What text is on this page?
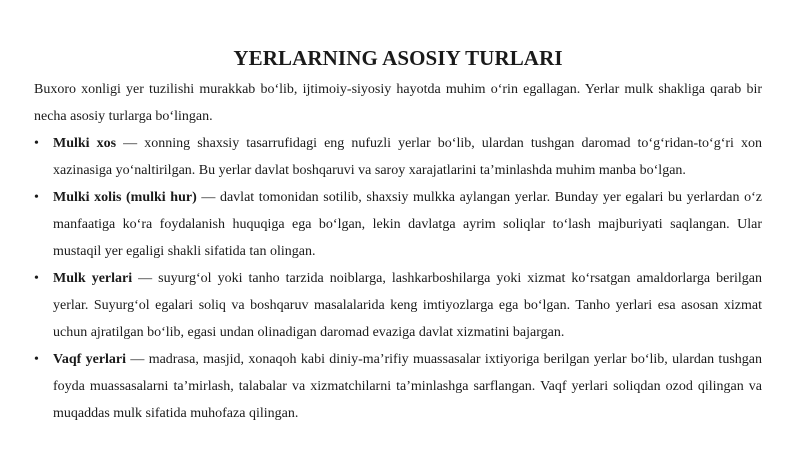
YERLARNING ASOSIY TURLARI

Buxoro xonligi yer tuzilishi murakkab bo‘lib, ijtimoiy-siyosiy hayotda muhim o‘rin egallagan. Yerlar mulk shakliga qarab bir necha asosiy turlarga bo‘lingan.

• Mulki xos — xonning shaxsiy tasarrufidagi eng nufuzli yerlar bo‘lib, ulardan tushgan daromad to‘g‘ridan-to‘g‘ri xon xazinasiga yo‘naltirilgan. Bu yerlar davlat boshqaruvi va saroy xarajatlarini ta’minlashda muhim manba bo‘lgan.
• Mulki xolis (mulki hur) — davlat tomonidan sotilib, shaxsiy mulkka aylangan yerlar. Bunday yer egalari bu yerlardan o‘z manfaatiga ko‘ra foydalanish huquqiga ega bo‘lgan, lekin davlatga ayrim soliqlar to‘lash majburiyati saqlangan. Ular mustaqil yer egaligi shakli sifatida tan olingan.
• Mulk yerlari — suyurg‘ol yoki tanho tarzida noiblarga, lashkarboshilarga yoki xizmat ko‘rsatgan amaldorlarga berilgan yerlar. Suyurg‘ol egalari soliq va boshqaruv masalalarida keng imtiyozlarga ega bo‘lgan. Tanho yerlari esa asosan xizmat uchun ajratilgan bo‘lib, egasi undan olinadigan daromad evaziga davlat xizmatini bajargan.
• Vaqf yerlari — madrasa, masjid, xonaqoh kabi diniy-ma’rifiy muassasalar ixtiyoriga berilgan yerlar bo‘lib, ulardan tushgan foyda muassasalarni ta’mirlash, talabalar va xizmatchilarni ta’minlashga sarflangan. Vaqf yerlari soliqdan ozod qilingan va muqaddas mulk sifatida muhofaza qilingan.
